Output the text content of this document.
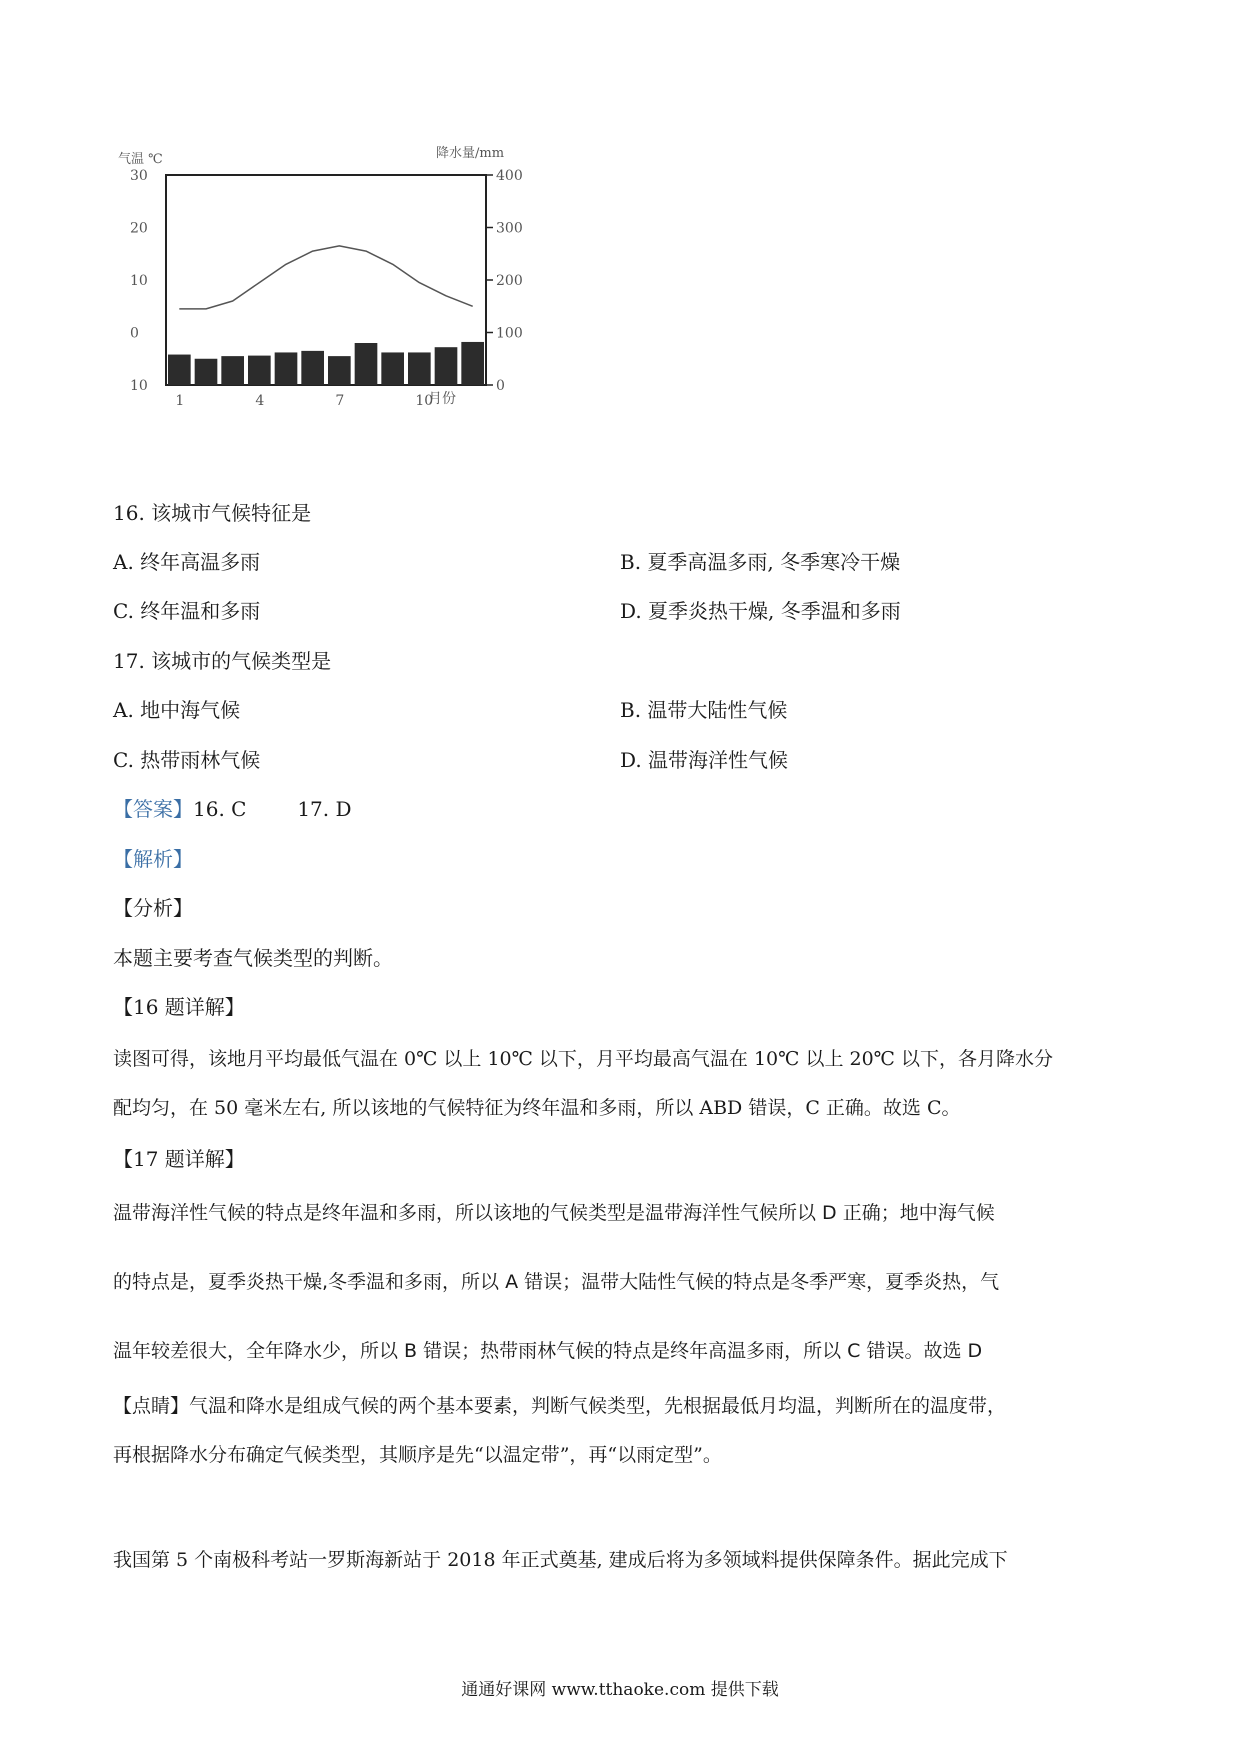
气温 ℃	降水量/mm
月份
30
20
10
0
10
400
300
200
100
0
1	4	7	10
16. 该城市气候特征是
A. 终年高温多雨	B. 夏季高温多雨, 冬季寒冷干燥
C. 终年温和多雨	D. 夏季炎热干燥, 冬季温和多雨
17. 该城市的气候类型是
A. 地中海气候	B. 温带大陆性气候
C. 热带雨林气候	D. 温带海洋性气候
【答案】16. C        17. D
【解析】
【分析】
本题主要考查气候类型的判断。
【16 题详解】
读图可得，该地月平均最低气温在 0℃ 以上 10℃ 以下，月平均最高气温在 10℃ 以上 20℃ 以下，各月降水分
配均匀，在 50 毫米左右, 所以该地的气候特征为终年温和多雨，所以 ABD 错误，C 正确。故选 C。
【17 题详解】
温带海洋性气候的特点是终年温和多雨，所以该地的气候类型是温带海洋性气候所以 D 正确；地中海气候
的特点是，夏季炎热干燥,冬季温和多雨，所以 A 错误；温带大陆性气候的特点是冬季严寒，夏季炎热，气
温年较差很大，全年降水少，所以 B 错误；热带雨林气候的特点是终年高温多雨，所以 C 错误。故选 D
【点睛】气温和降水是组成气候的两个基本要素，判断气候类型，先根据最低月均温，判断所在的温度带，
再根据降水分布确定气候类型，其顺序是先“以温定带”，再“以雨定型”。
我国第 5 个南极科考站一罗斯海新站于 2018 年正式奠基, 建成后将为多领域料提供保障条件。据此完成下
通通好课网 www.tthaoke.com 提供下载
